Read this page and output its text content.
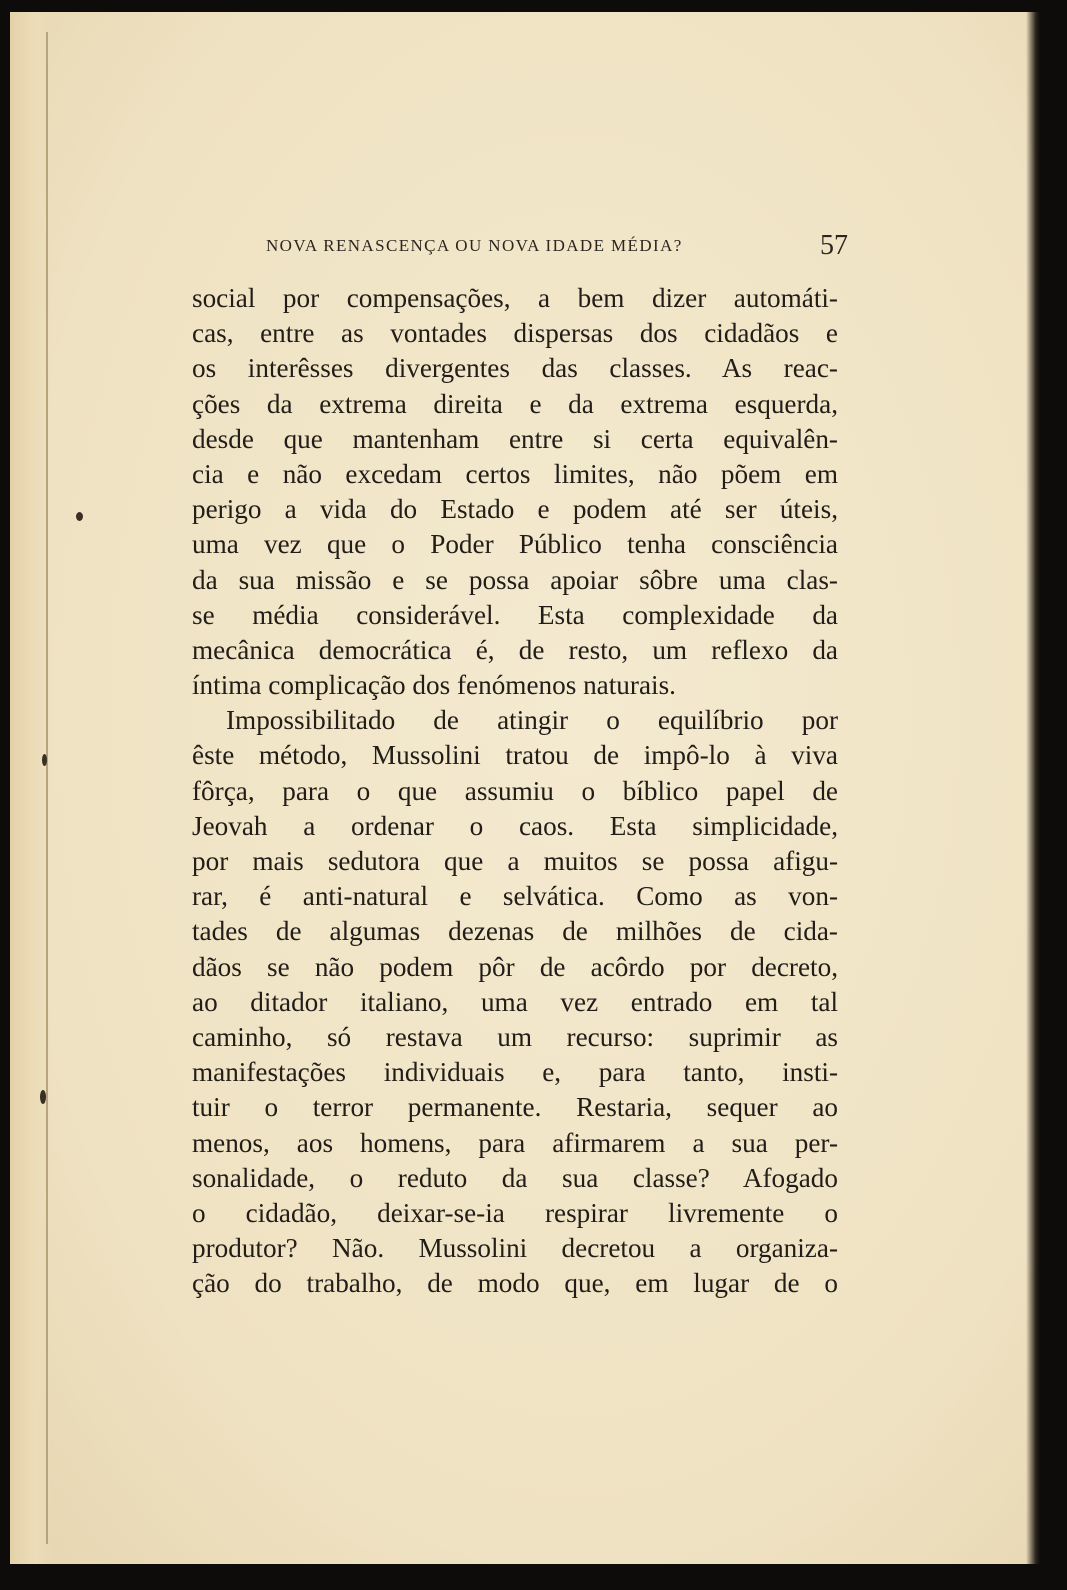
NOVA RENASCENÇA OU NOVA IDADE MÉDIA?	57
social por compensações, a bem dizer automáti-
cas, entre as vontades dispersas dos cidadãos e
os interêsses divergentes das classes. As reac-
ções da extrema direita e da extrema esquerda,
desde que mantenham entre si certa equivalên-
cia e não excedam certos limites, não põem em
perigo a vida do Estado e podem até ser úteis,
uma vez que o Poder Público tenha consciência
da sua missão e se possa apoiar sôbre uma clas-
se média considerável. Esta complexidade da
mecânica democrática é, de resto, um reflexo da
íntima complicação dos fenómenos naturais.
Impossibilitado de atingir o equilíbrio por
êste método, Mussolini tratou de impô-lo à viva
fôrça, para o que assumiu o bíblico papel de
Jeovah a ordenar o caos. Esta simplicidade,
por mais sedutora que a muitos se possa afigu-
rar, é anti-natural e selvática. Como as von-
tades de algumas dezenas de milhões de cida-
dãos se não podem pôr de acôrdo por decreto,
ao ditador italiano, uma vez entrado em tal
caminho, só restava um recurso: suprimir as
manifestações individuais e, para tanto, insti-
tuir o terror permanente. Restaria, sequer ao
menos, aos homens, para afirmarem a sua per-
sonalidade, o reduto da sua classe? Afogado
o cidadão, deixar-se-ia respirar livremente o
produtor? Não. Mussolini decretou a organiza-
ção do trabalho, de modo que, em lugar de o
